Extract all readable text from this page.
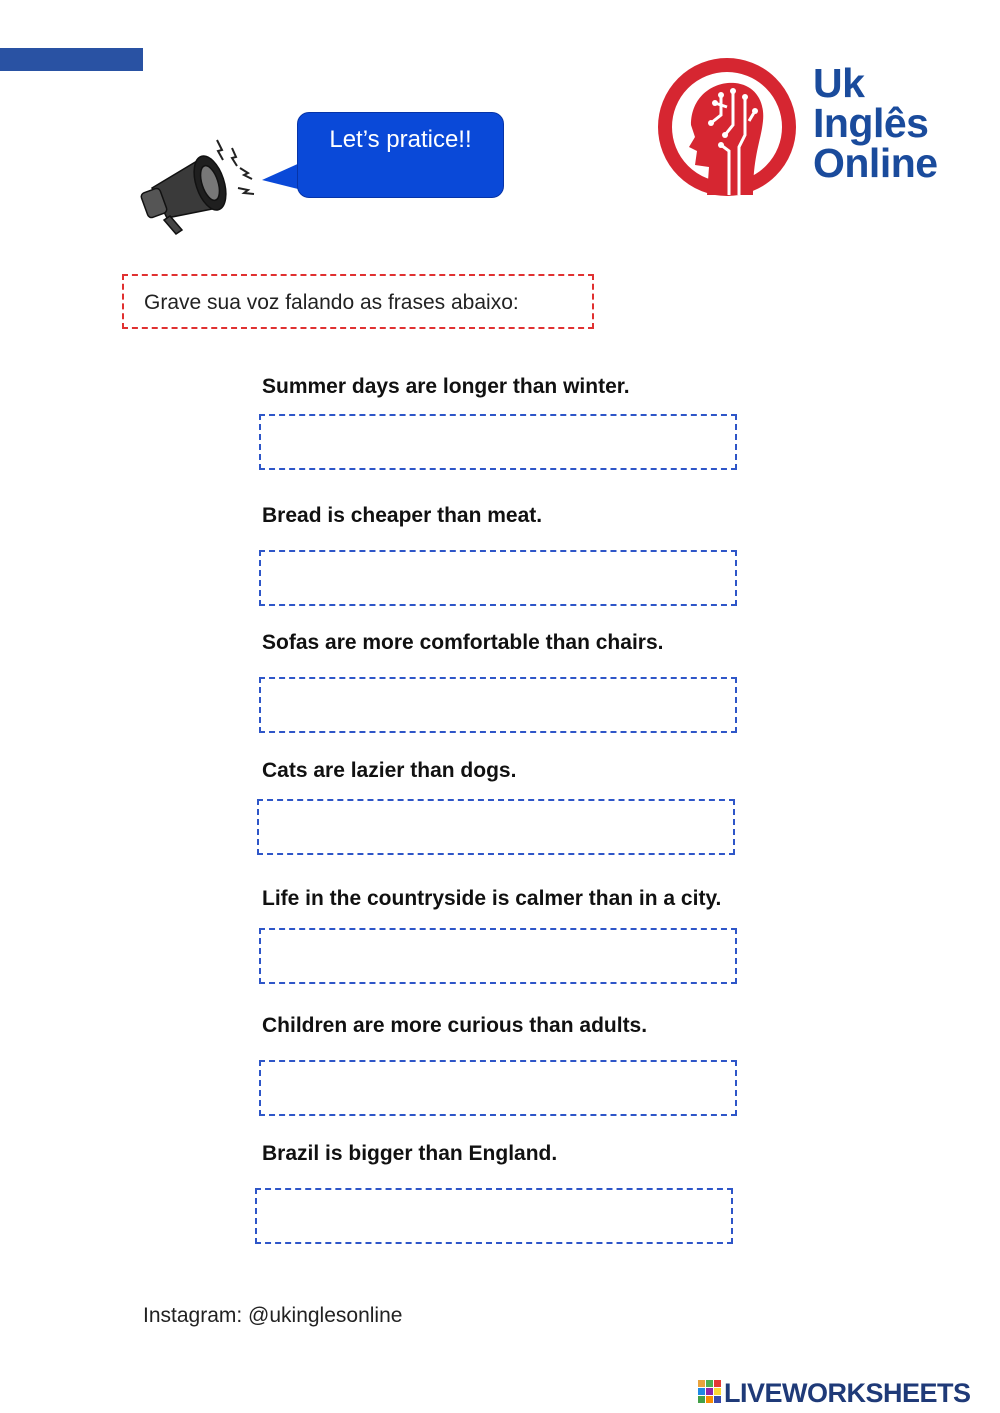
Let’s pratice!!
Uk
Inglês
Online
Grave sua voz falando as frases abaixo:
Summer days are longer than winter.
Bread is cheaper than meat.
Sofas are more comfortable than chairs.
Cats are lazier than dogs.
Life in the countryside is calmer than in a city.
Children are more curious than adults.
Brazil is bigger than England.
Instagram: @ukinglesonline
LIVEWORKSHEETS
